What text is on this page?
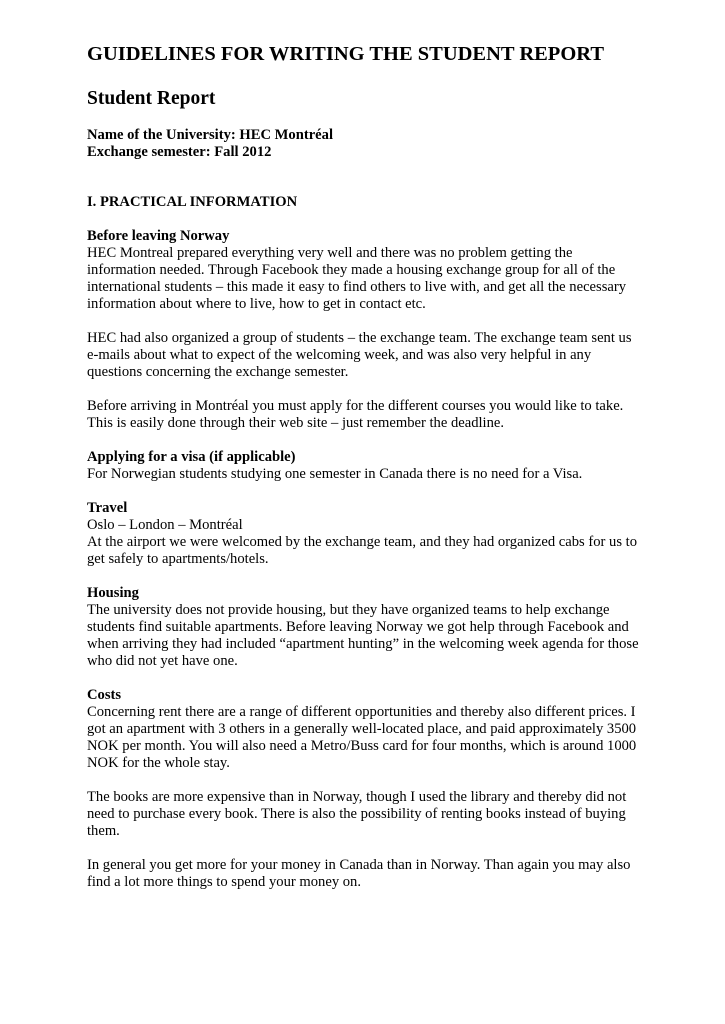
GUIDELINES FOR WRITING THE STUDENT REPORT
Student Report
Name of the University: HEC Montréal
Exchange semester: Fall 2012
I. PRACTICAL INFORMATION
Before leaving Norway

HEC Montreal prepared everything very well and there was no problem getting the
information needed. Through Facebook they made a housing exchange group for all of the
international students – this made it easy to find others to live with, and get all the necessary
information about where to live, how to get in contact etc.

HEC had also organized a group of students – the exchange team. The exchange team sent us
e-mails about what to expect of the welcoming week, and was also very helpful in any
questions concerning the exchange semester.

Before arriving in Montréal you must apply for the different courses you would like to take.
This is easily done through their web site – just remember the deadline.

Applying for a visa (if applicable)

For Norwegian students studying one semester in Canada there is no need for a Visa.

Travel

Oslo – London – Montréal
At the airport we were welcomed by the exchange team, and they had organized cabs for us to
get safely to apartments/hotels.

Housing

The university does not provide housing, but they have organized teams to help exchange
students find suitable apartments. Before leaving Norway we got help through Facebook and
when arriving they had included “apartment hunting” in the welcoming week agenda for those
who did not yet have one.

Costs

Concerning rent there are a range of different opportunities and thereby also different prices. I
got an apartment with 3 others in a generally well-located place, and paid approximately 3500
NOK per month. You will also need a Metro/Buss card for four months, which is around 1000
NOK for the whole stay.

The books are more expensive than in Norway, though I used the library and thereby did not
need to purchase every book. There is also the possibility of renting books instead of buying
them.

In general you get more for your money in Canada than in Norway. Than again you may also
find a lot more things to spend your money on.
